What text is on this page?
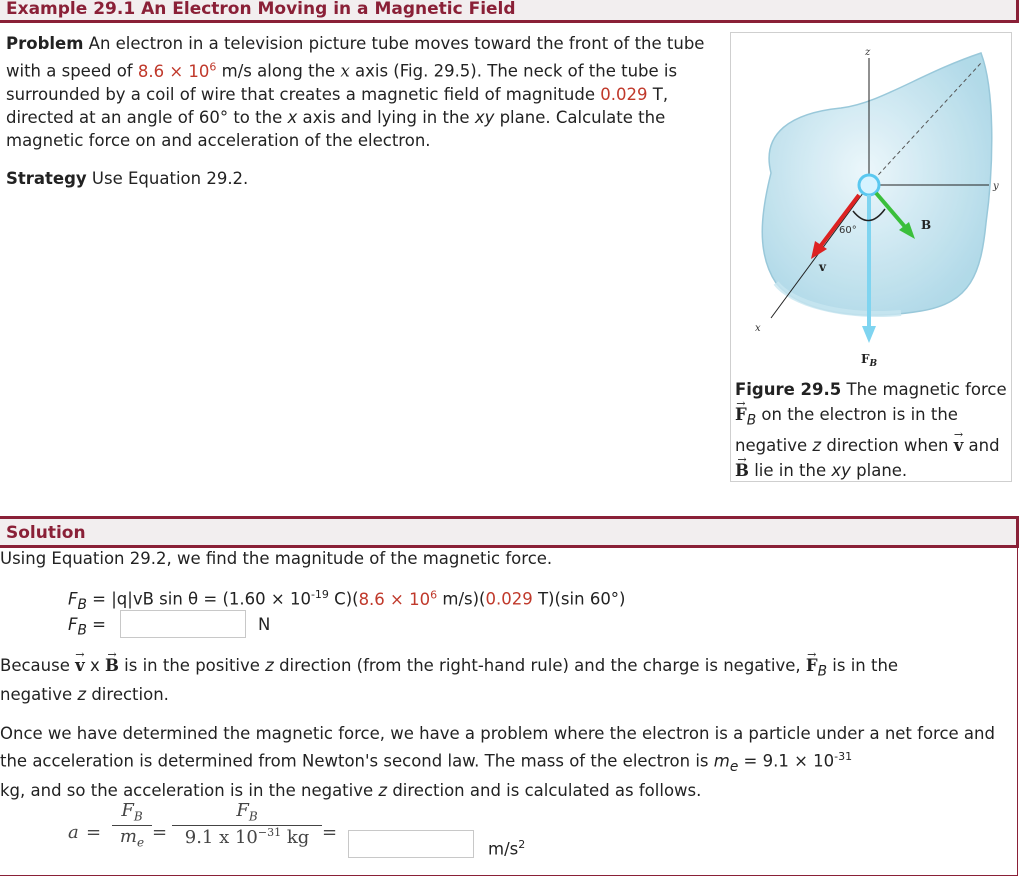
Example 29.1 An Electron Moving in a Magnetic Field
Problem An electron in a television picture tube moves toward the front of the tube with a speed of $8.6 \times 10^6$ m/s along the x axis (Fig. 29.5). The neck of the tube is surrounded by a coil of wire that creates a magnetic field of magnitude 0.029 T, directed at an angle of 60° to the x axis and lying in the xy plane. Calculate the magnetic force on and acceleration of the electron.
Strategy Use Equation 29.2.
60°
z
y
x
v
B
$F_B$
Figure 29.5 The magnetic force → $F_B$ on the electron is in the negative z direction when → v and → B lie in the xy plane.
Solution
Using Equation 29.2, we find the magnitude of the magnetic force.
$F_B = |q|vB$ $\sin \theta = (1.60 \times 10^{-19}$ $C)(8.6 \times 10^6$ m/s)(0.029 T)(sin 60°)
$F_B$ =	N
Because → v x → B is in the positive z direction (from the right-hand rule) and the charge is negative, → $F_B$ is in the
negative z direction.
Once we have determined the magnetic force, we have a problem where the electron is a particle under a net force and the acceleration is determined from Newton's second law. The mass of the electron is $m_e = 9.1 \times 10^{-31}$
kg, and so the acceleration is in the negative z direction and is calculated as follows.
a =
$F_B$
$m_e$ =
$F_B$
9.1 x $10^{-31}$ kg =
$m/s^2$
